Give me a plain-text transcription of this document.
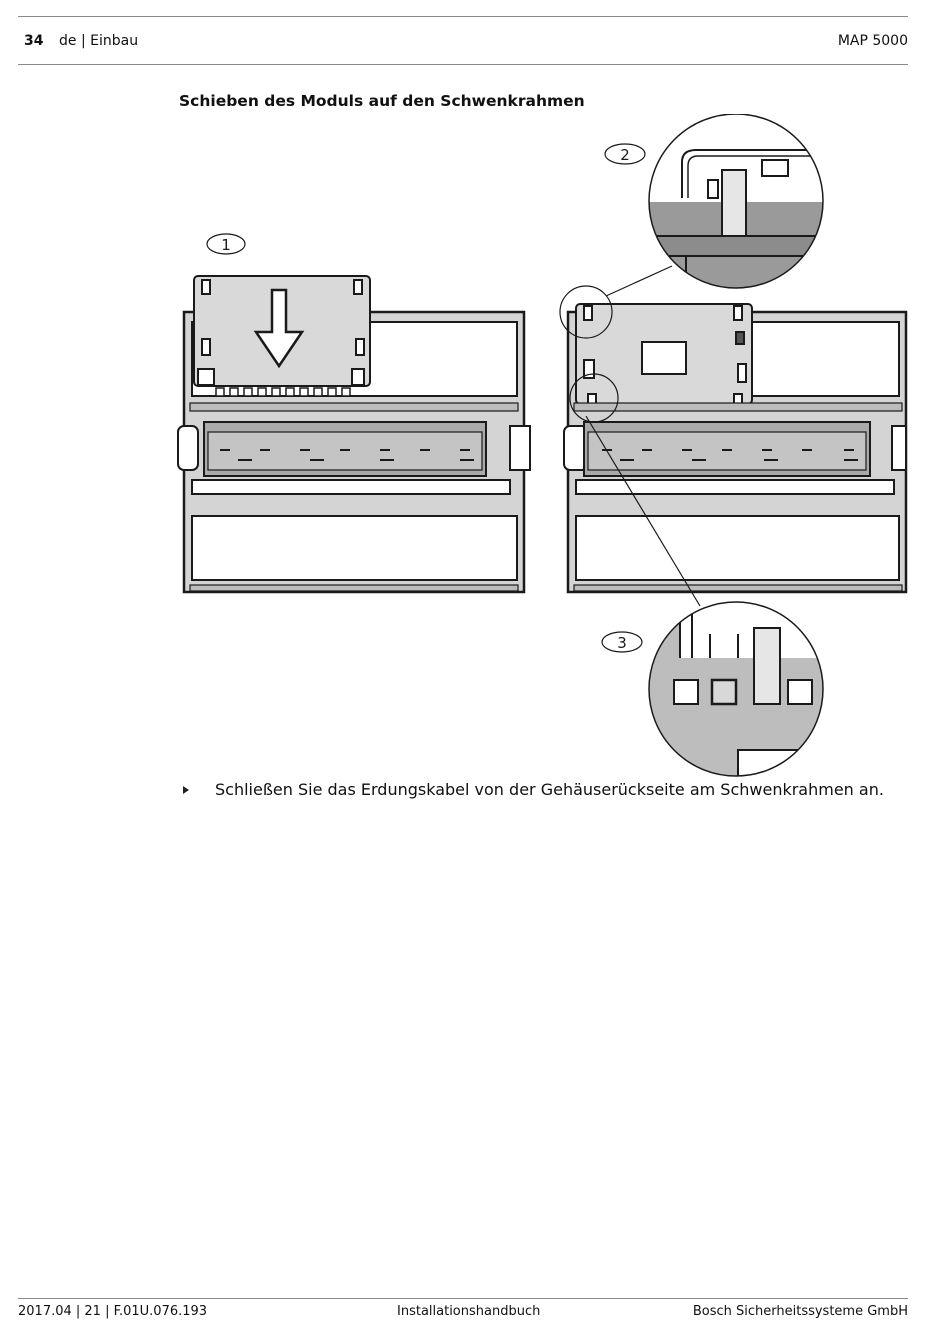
34 de | Einbau	MAP 5000
Schieben des Moduls auf den Schwenkrahmen
1
2
3
Schließen Sie das Erdungskabel von der Gehäuserückseite am Schwenkrahmen an.
2017.04 | 21 | F.01U.076.193	Installationshandbuch	Bosch Sicherheitssysteme GmbH
